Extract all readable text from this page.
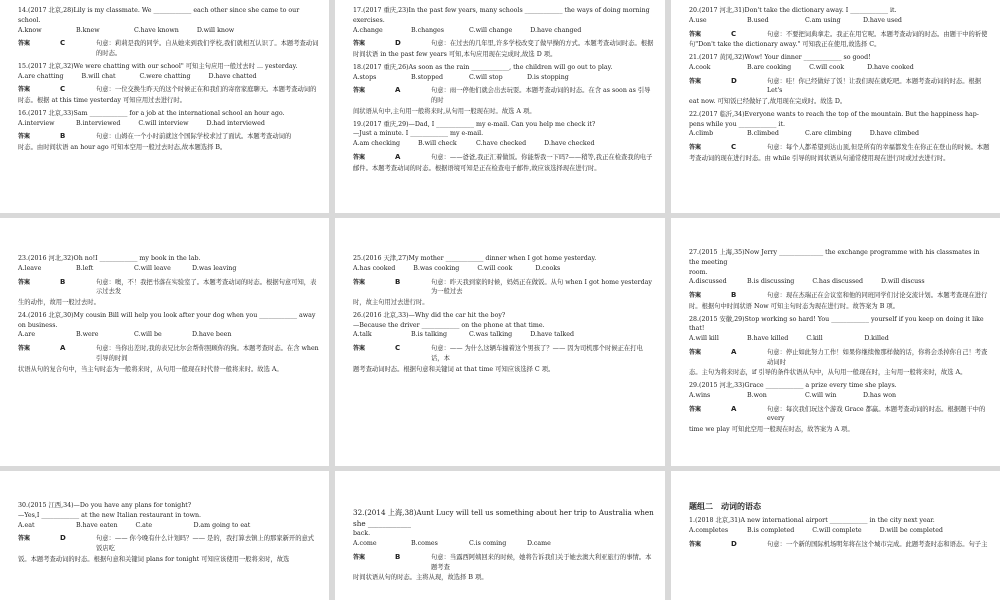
14.(2017 北京,28)Lily is my classmate. We ____________ each other since she came to our school.
A.know	B.knew	C.have known	D.will know
答案	C	句意：莉莉是我的同学。自从她来到我们学校,我们就相互认识了。本题考查动词的时态。
15.(2017 北京,32)We were chatting with our school" 可知主句应用一般过去时 ... yesterday.
A.are chatting	B.will chat	C.were chatting	D.have chatted
答案	C	句意：一位交换生昨天的这个时候正在和我们的寄宿家庭聊天。本题考查动词的
时态。根据 at this time yesterday 可知应用过去进行时。
16.(2017 北京,33)Sam ____________ for a job at the international school an hour ago.
A.interview	B.interviewed	C.will interview	D.had interviewed
答案	B	句意：山姆在一个小时前就这个国际学校求过了面试。本题考查动词的
时态。由时间状语 an hour ago 可知本空用一般过去时态,故本题选择 B。
17.(2017 重庆,23)In the past few years, many schools ____________ the ways of doing morning exercises.
A.change	B.changes	C.will change	D.have changed
答案	D	句意：在过去的几年里,许多学校改变了做早操的方式。本题考查动词时态。根据
时间状语 in the past few years 可知,本句应用现在完成时,故选 D 项。
18.(2017 重庆,26)As soon as the rain ____________, the children will go out to play.
A.stops	B.stopped	C.will stop	D.is stopping
答案	A	句意：雨一停他们就会出去玩耍。本题考查动词的时态。在含 as soon as 引导的时
间状语从句中,主句用一般将来时,从句用一般现在时。故选 A 项。
19.(2017 重庆,29)—Dad, I ____________ my e-mail. Can you help me check it?
—Just a minute. I ____________ my e-mail.
A.am checking	B.will check	C.have checked	D.have checked
答案	A	句意：——爸爸,我正汇着做饭。你能帮我一下吗?——稍等,我正在检查我的电子
邮件。本题考查动词的时态。根据语境可知是正在检查电子邮件,故应该选择现在进行时。
20.(2017 河北,31)Don't take the dictionary away. I ____________ it.
A.use	B.used	C.am using	D.have used
答案	C	句意：不要把词典拿走。我正在用它呢。本题考查动词的时态。由题干中的祈使
句"Don't take the dictionary away." 可知我正在使用,故选择 C。
21.(2017 黄冈,32)Wow! Your dinner ____________ so good!
A.cook	B.are cooking	C.will cook	D.have cooked
答案	D	句意：哇！你已经做好了饭！让我们现在就吃吧。本题考查动词的时态。根据 Let's
eat now. 可知饭已经做好了,故用现在完成时。故选 D。
22.(2017 临沂,34)Everyone wants to reach the top of the mountain. But the happiness hap-
pens while you ____________ it.
A.climb	B.climbed	C.are climbing	D.have climbed
答案	C	句意：每个人都希望到达山顶,但是所有的幸福都发生在你正在登山的时候。本题
考查动词的现在进行时态。由 while 引导的时间状语从句通常使用现在进行时或过去进行时。
23.(2016 河北,32)Oh no!I ____________ my book in the lab.
A.leave	B.left	C.will leave	D.was leaving
答案	B	句意：噢，不！我把书落在实验室了。本题考查动词的时态。根据句意可知，表示过去发
生的动作，故用一般过去时。
24.(2016 北京,30)My cousin Bill will help you look after your dog when you ____________ away
on business.
A.are	B.were	C.will be	D.have been
答案	A	句意：当你出差时,我的表兄比尔会帮你照顾你的狗。本题考查时态。在含 when 引导的时间
状语从句的复合句中，当主句时态为一般将来时，从句用一般现在时代替一般将来时。故选 A。
25.(2016 天津,27)My mother ____________ dinner when I got home yesterday.
A.has cooked	B.was cooking	C.will cook	D.cooks
答案	B	句意：昨天我到家的时候，妈妈正在做饭。从句 when I got home yesterday 为一般过去
时，故主句用过去进行时。
26.(2016 北京,33)—Why did the car hit the boy?
—Because the driver ____________ on the phone at that time.
A.talk	B.is talking	C.was talking	D.have talked
答案	C	句意：—— 为什么这辆车撞着这个男孩了？—— 因为司机那个时候正在打电话，本
题考查动词时态。根据句意和关键词 at that time 可知应该选择 C 项。
27.(2015 上海,35)Now Jerry ______________ the exchange programme with his classmates in the meeting
room.
A.discussed	B.is discussing	C.has discussed	D.will discuss
答案	B	句意：现在杰瑞正在会议室和他的同班同学们讨论交流计划。本题考查现在进行
时。根据句中时间状语 Now 可知主句时态为现在进行时。故答案为 B 项。
28.(2015 安徽,29)Stop working so hard! You ____________ yourself if you keep on doing it like that!
A.will kill	B.have killed	C.kill	D.killed
答案	A	句意：停止如此努力工作！如果你继续像那样做的话，你将会杀掉你自己！考查动词时
态。主句为将来时态，if 引导的条件状语从句中，从句用一般现在时，主句用一般将来时，故选 A。
29.(2015 河北,33)Grace ____________ a prize every time she plays.
A.wins	B.won	C.will win	D.has won
答案	A	句意：每次我们玩这个游戏 Grace 都赢。本题考查动词的时态。根据题干中的 every
time we play 可知此空用一般现在时态，故答案为 A 项。
30.(2015 江西,34)—Do you have any plans for tonight?
—Yes,I ____________ at the new Italian restaurant in town.
A.eat	B.have eaten	C.ate	D.am going to eat
答案	D	句意：—— 你今晚有什么计划吗？—— 是的，我打算去镇上的那家新开的意式饭店吃
饭。本题考查动词的时态。根据句意和关键词 plans for tonight 可知应该使用一般将来时，故选
32.(2014 上海,38)Aunt Lucy will tell us something about her trip to Australia when she ____________
back.
A.come	B.comes	C.is coming	D.came
答案	B	句意：当露西阿姨回来的时候，她将告诉我们关于她去澳大利亚旅行的事情。本题考查
时间状语从句的时态。主将从现，故选择 B 项。
题组二　动词的语态
1.(2018 北京,31)A new international airport ____________ in the city next year.
A.completes	B.is completed	C.will complete	D.will be completed
答案	D	句意：一个新的国际机场明年将在这个城市完成。此题考查时态和语态。句子主
